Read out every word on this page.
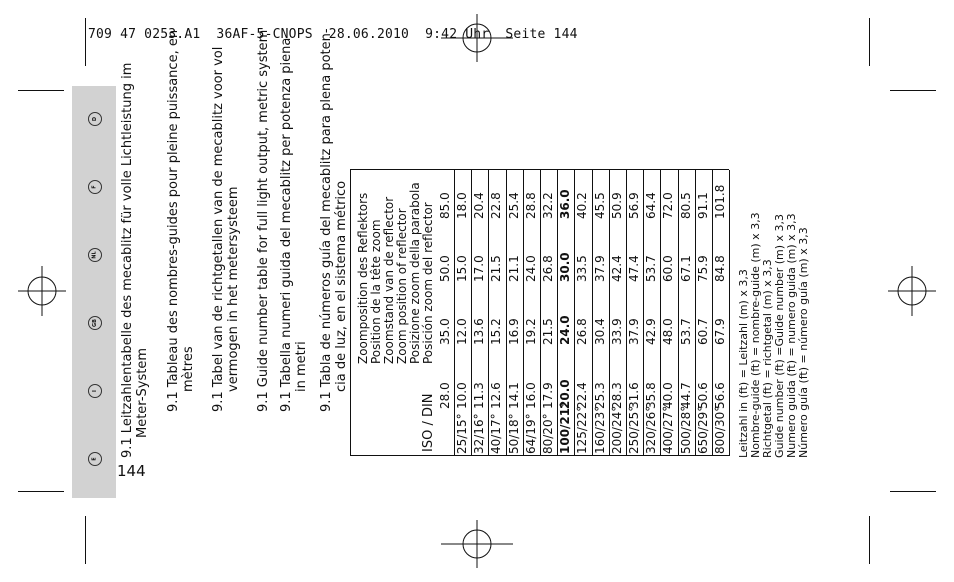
709 47 0253.A1  36AF-5-CNOPS  28.06.2010  9:42 Uhr  Seite 144
D
F
NL
GB
I
E
144
9.1 Leitzahlentabelle des mecablitz für volle Lichtleistung im Meter-System 9.1 Tableau des nombres-guides pour pleine puissance, en mètres 9.1 Tabel van de richtgetallen van de mecablitz voor vol vermogen in het metersysteem 9.1 Guide number table for full light output, metric system 9.1 Tabella numeri guida del mecablitz per potenza piena in metri 9.1 Tabla de números guía del mecablitz para plena poten- cia de luz, en el sistema métrico
ISO / DIN
Zoomposition des Reflektors Position de la tête zoom Zoomstand van de reflector Zoom position of reflector Posizione zoom della parabola Posición zoom del reflector
28.0
35.0
50.0
85.0
25/15°
10.0
12.0
15.0
18.0
32/16°
11.3
13.6
17.0
20.4
40/17°
12.6
15.2
21.5
22.8
50/18°
14.1
16.9
21.1
25.4
64/19°
16.0
19.2
24.0
28.8
80/20°
17.9
21.5
26.8
32.2
100/21°
20.0
24.0
30.0
36.0
125/22°
22.4
26.8
33.5
40.2
160/23°
25.3
30.4
37.9
45.5
200/24°
28.3
33.9
42.4
50.9
250/25°
31.6
37.9
47.4
56.9
320/26°
35.8
42.9
53.7
64.4
400/27°
40.0
48.0
60.0
72.0
500/28°
44.7
53.7
67.1
80.5
650/29°
50.6
60.7
75.9
91.1
800/30°
56.6
67.9
84.8
101.8
Leitzahl in (ft) = Leitzahl (m) x 3,3 Nombre-guide (ft) = nombre-guide (m) x 3,3 Richtgetal (ft) = richtgetal (m) x 3,3 Guide number (ft) =Guide number (m) x 3,3 Numero guida (ft) = numero guida (m) x 3,3 Número guía (ft) = número guía (m) x 3,3
